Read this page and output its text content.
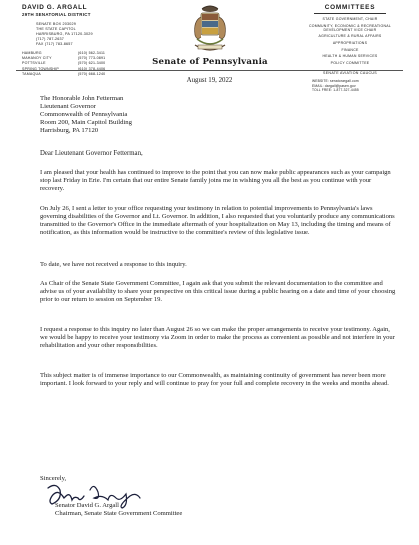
DAVID G. ARGALL
29TH SENATORIAL DISTRICT
SENATE BOX 203029
THE STATE CAPITOL
HARRISBURG, PA 17120-3029
(717) 787-2637
FAX (717) 783-8657
HAMBURG	(610) 562-3411
MAHANOY CITY	(570) 773-0891
POTTSVILLE	(570) 621-3400
SPRING TOWNSHIP	(610) 378-4406
TAMAQUA	(570) 668-1240
Senate of Pennsylvania
COMMITTEES
STATE GOVERNMENT, CHAIR
COMMUNITY, ECONOMIC & RECREATIONAL DEVELOPMENT VICE CHAIR
AGRICULTURE & RURAL AFFAIRS
APPROPRIATIONS
FINANCE
HEALTH & HUMAN SERVICES
POLICY COMMITTEE
SENATE AVIATION CAUCUS
WEBSITE: senatorargall.com
EMAIL: dargall@pasen.gov
TOLL FREE: 1-877-327-4455
August 19, 2022
The Honorable John Fetterman
Lieutenant Governor
Commonwealth of Pennsylvania
Room 200, Main Capitol Building
Harrisburg, PA 17120
Dear Lieutenant Governor Fetterman,
I am pleased that your health has continued to improve to the point that you can now make public appearances such as your campaign stop last Friday in Erie. I'm certain that our entire Senate family joins me in wishing you all the best as you continue with your recovery.
On July 26, I sent a letter to your office requesting your testimony in relation to potential improvements to Pennsylvania's laws governing disabilities of the Governor and Lt. Governor. In addition, I also requested that you voluntarily produce any communications transmitted to the Governor's Office in the immediate aftermath of your hospitalization on May 13, including the timing and means of notification, as this information would be instructive to the committee's review of this legislative issue.
To date, we have not received a response to this inquiry.
As Chair of the Senate State Government Committee, I again ask that you submit the relevant documentation to the committee and advise us of your availability to share your perspective on this critical issue during a public hearing on a date and time of your choosing prior to our return to session on September 19.
I request a response to this inquiry no later than August 26 so we can make the proper arrangements to receive your testimony. Again, we would be happy to receive your testimony via Zoom in order to make the process as convenient as possible and not interfere in your rehabilitation and your other responsibilities.
This subject matter is of immense importance to our Commonwealth, as maintaining continuity of government has never been more important. I look forward to your reply and will continue to pray for your full and complete recovery in the weeks and months ahead.
Sincerely,
Senator David G. Argall
Chairman, Senate State Government Committee
